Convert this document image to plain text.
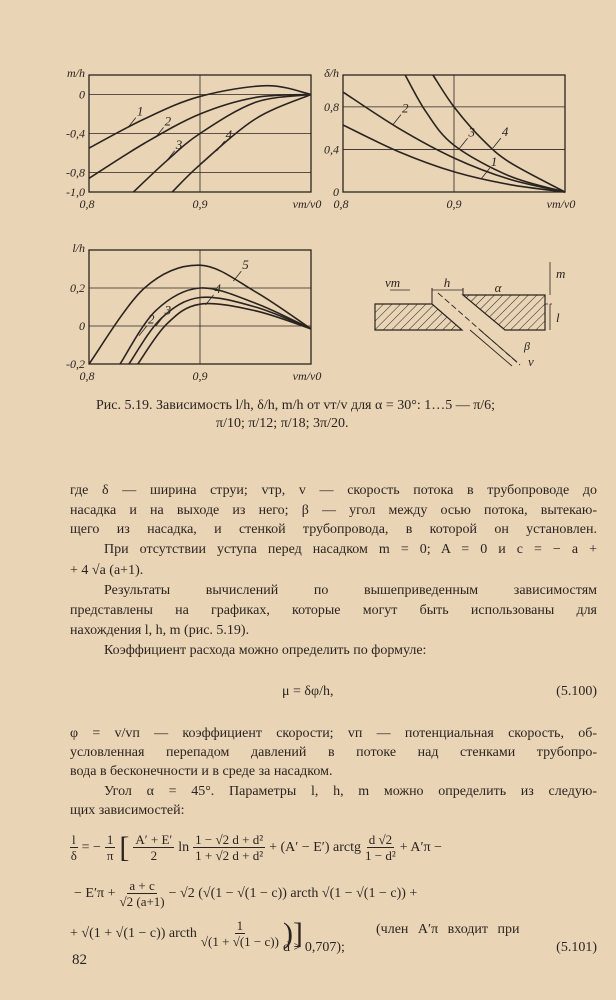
0
-0,4
-0,8
-1,0
0,8	0,9	vт/v0
m/h
1
2
3
4
0
0,4
0,8
0,8	0,9	vт/v0
δ/h
1
2
3 4
0,2
0
-0,2
0,8	0,9	vт/v0
l/h
5
2
3
4	vт	h	α
m
l
β
v
Рис. 5.19. Зависимость l/h, δ/h, m/h от vт/v для α = 30°: 1…5 — π/6;
π/10; π/12; π/18; 3π/20.
где δ — ширина струи; vтр, v — скорость потока в трубопроводе до
насадка и на выходе из него; β — угол между осью потока, вытекаю-
щего из насадка, и стенкой трубопровода, в которой он установлен.
При отсутствии уступа перед насадком m = 0; A = 0 и c = − a +
+ 4 √a (a+1).
Результаты вычислений по вышеприведенным зависимостям
представлены на графиках, которые могут быть использованы для
нахождения l, h, m (рис. 5.19).
Коэффициент расхода можно определить по формуле:
μ = δφ/h,	(5.100)
φ = v/vп — коэффициент скорости; vп — потенциальная скорость, об-
условленная перепадом давлений в потоке над стенками трубопро-
вода в бесконечности и в среде за насадком.
Угол α = 45°. Параметры l, h, m можно определить из следую-
щих зависимостей:
$\frac{l}{\delta}$ = − $\frac{1}{\pi}$ [ $\frac{A' + E'}{2}$ $\ln \frac{\text{1 − √2 d + d²}}{\text{1 + √2 d + d²}} + (A' - E')$ arctg $\frac{d √2}{\text{1 − d²}} + A'\pi$ −
− $E'\pi + \frac{a + c}{√2 (a+1)} - √2$ (√(1 − √(1 − c)) arcth √(1 − √(1 − c)) +
+ √(1 + √(1 − c)) arcth $\frac{1}{√(1 + √(1 - c))}$ )]	(член A′π входит при
d > 0,707);	(5.101)
82
